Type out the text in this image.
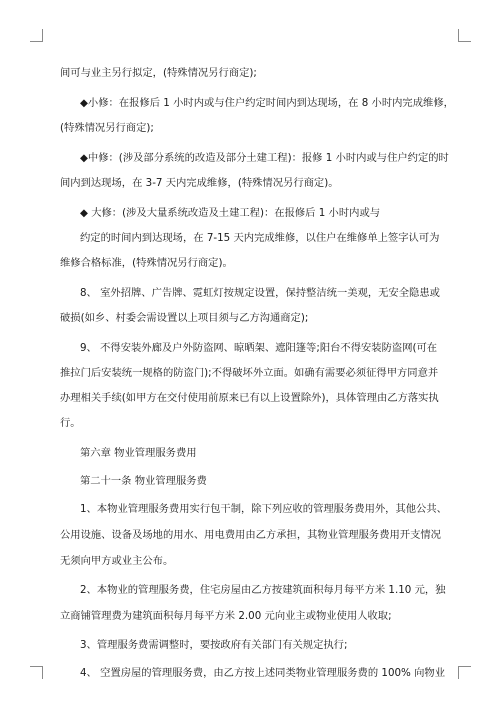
间可与业主另行拟定，(特殊情况另行商定);
◆小修：在报修后 1 小时内或与住户约定时间内到达现场，在 8 小时内完成维修，
(特殊情况另行商定);
◆中修：(涉及部分系统的改造及部分土建工程)：报修 1 小时内或与住户约定的时
间内到达现场，在 3-7 天内完成维修，(特殊情况另行商定)。
◆ 大修：(涉及大量系统改造及土建工程)：在报修后 1 小时内或与
约定的时间内到达现场，在 7-15 天内完成维修，以住户在维修单上签字认可为
维修合格标准，(特殊情况另行商定)。
8、 室外招牌、广告牌、霓虹灯按规定设置，保持整洁统一美观，无安全隐患或
破损(如乡、村委会需设置以上项目须与乙方沟通商定);
9、 不得安装外廊及户外防盗网、晾晒架、遮阳篷等;阳台不得安装防盗网(可在
推拉门后安装统一规格的防盗门);不得破坏外立面。如确有需要必须征得甲方同意并
办理相关手续(如甲方在交付使用前原来已有以上设置除外)，具体管理由乙方落实执
行。
第六章 物业管理服务费用
第二十一条 物业管理服务费
1、本物业管理服务费用实行包干制，除下列应收的管理服务费用外，其他公共、
公用设施、设备及场地的用水、用电费用由乙方承担，其物业管理服务费用开支情况
无须向甲方或业主公布。
2、本物业的管理服务费，住宅房屋由乙方按建筑面积每月每平方米 1.10 元，独
立商铺管理费为建筑面积每月每平方米 2.00 元向业主或物业使用人收取;
3、管理服务费需调整时，要按政府有关部门有关规定执行;
4、 空置房屋的管理服务费，由乙方按上述同类物业管理服务费的 100% 向物业
